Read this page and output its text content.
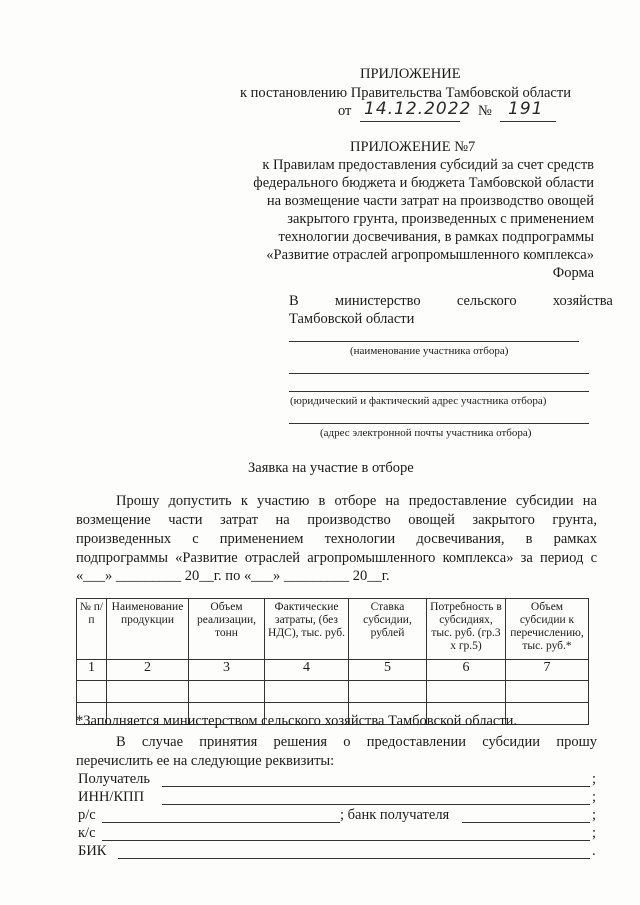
ПРИЛОЖЕНИЕ
к постановлению Правительства Тамбовской области
от 14.12.2022 № 191
ПРИЛОЖЕНИЕ №7
к Правилам предоставления субсидий за счет средств
федерального бюджета и бюджета Тамбовской области
на возмещение части затрат на производство овощей
закрытого грунта, произведенных с применением
технологии досвечивания, в рамках подпрограммы
«Развитие отраслей агропромышленного комплекса»
Форма
В          министерство          сельского          хозяйства
Тамбовской области
(наименование участника отбора)
(юридический и фактический адрес участника отбора)
(адрес электронной почты участника отбора)
Заявка на участие в отборе
Прошу допустить к участию в отборе на предоставление субсидии на
возмещение части затрат на производство овощей закрытого грунта,
произведенных с применением технологии досвечивания, в рамках
подпрограммы «Развитие отраслей агропромышленного комплекса» за период с
«___» _________ 20__г. по «___» _________ 20__г.
№ п/п	Наименование продукции	Объем реализации, тонн	Фактические затраты, (без НДС), тыс. руб.	Ставка субсидии, рублей	Потребность в субсидиях, тыс. руб. (гр.3 х гр.5)	Объем субсидии к перечислению, тыс. руб.*
1	2	3	4	5	6	7

*Заполняется министерством сельского хозяйства Тамбовской области.
В случае принятия решения о предоставлении субсидии прошу
перечислить ее на следующие реквизиты:
Получатель	;
ИНН/КПП	;
р/с	; банк получателя	;
к/с	;
БИК	.
